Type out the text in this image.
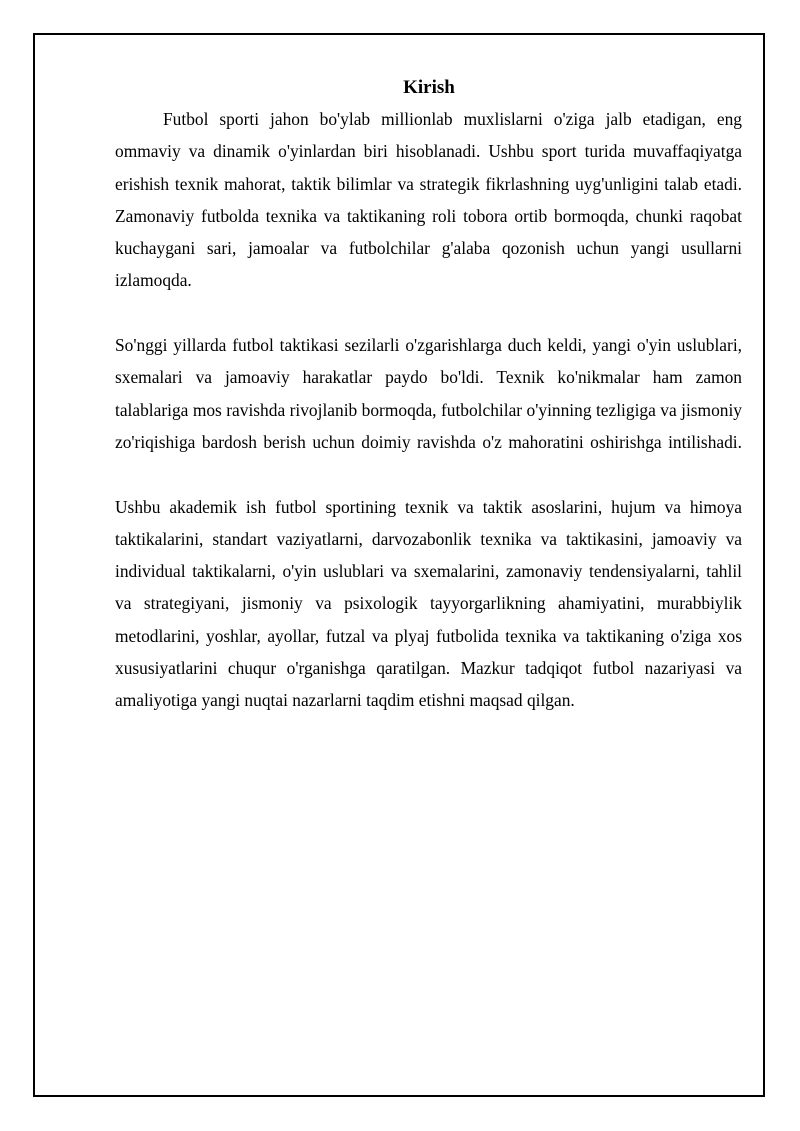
Kirish

Futbol sporti jahon bo'ylab millionlab muxlislarni o'ziga jalb etadigan, eng ommaviy va dinamik o'yinlardan biri hisoblanadi. Ushbu sport turida muvaffaqiyatga erishish texnik mahorat, taktik bilimlar va strategik fikrlashning uyg'unligini talab etadi. Zamonaviy futbolda texnika va taktikaning roli tobora ortib bormoqda, chunki raqobat kuchaygani sari, jamoalar va futbolchilar g'alaba qozonish uchun yangi usullarni izlamoqda.

So'nggi yillarda futbol taktikasi sezilarli o'zgarishlarga duch keldi, yangi o'yin uslublari, sxemalari va jamoaviy harakatlar paydo bo'ldi. Texnik ko'nikmalar ham zamon talablariga mos ravishda rivojlanib bormoqda, futbolchilar o'yinning tezligiga va jismoniy zo'riqishiga bardosh berish uchun doimiy ravishda o'z mahoratini oshirishga intilishadi.

Ushbu akademik ish futbol sportining texnik va taktik asoslarini, hujum va himoya taktikalarini, standart vaziyatlarni, darvozabonlik texnika va taktikasini, jamoaviy va individual taktikalarni, o'yin uslublari va sxemalarini, zamonaviy tendensiyalarni, tahlil va strategiyani, jismoniy va psixologik tayyorgarlikning ahamiyatini, murabbiylik metodlarini, yoshlar, ayollar, futzal va plyaj futbolida texnika va taktikaning o'ziga xos xususiyatlarini chuqur o'rganishga qaratilgan. Mazkur tadqiqot futbol nazariyasi va amaliyotiga yangi nuqtai nazarlarni taqdim etishni maqsad qilgan.
